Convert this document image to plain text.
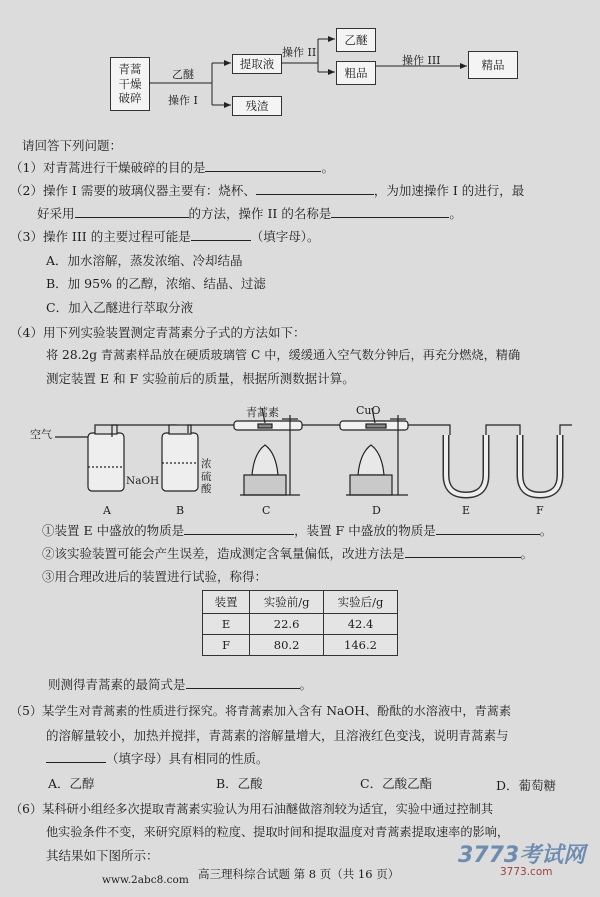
青蒿
干燥
破碎
提取液
残渣
乙醚
粗品
精品
乙醚
操作 I
操作 II
操作 III
请回答下列问题：
（1）对青蒿进行干燥破碎的目的是	。
（2）操作 I 需要的玻璃仪器主要有：烧杯、	，为加速操作 I 的进行，最
好采用	的方法，操作 II 的名称是	。
（3）操作 III 的主要过程可能是	（填字母）。
A．加水溶解，蒸发浓缩、冷却结晶
B．加 95% 的乙醇，浓缩、结晶、过滤
C．加入乙醚进行萃取分液
（4）用下列实验装置测定青蒿素分子式的方法如下：
将 28.2g 青蒿素样品放在硬质玻璃管 C 中，缓缓通入空气数分钟后，再充分燃烧，精确
测定装置 E 和 F 实验前后的质量，根据所测数据计算。
空气
NaOH
浓
硫
酸
青蒿素	CuO
A	B	C	D	E	F
①装置 E 中盛放的物质是	，装置 F 中盛放的物质是	。
②该实验装置可能会产生误差，造成测定含氧量偏低，改进方法是	。
③用合理改进后的装置进行试验，称得：
装置	实验前/g	实验后/g
E	22.6	42.4
F	80.2	146.2
则测得青蒿素的最简式是	。
（5）某学生对青蒿素的性质进行探究。将青蒿素加入含有 NaOH、酚酞的水溶液中，青蒿素
的溶解量较小，加热并搅拌，青蒿素的溶解量增大，且溶液红色变浅，说明青蒿素与
（填字母）具有相同的性质。
A．乙醇	B．乙酸	C．乙酸乙酯	D．葡萄糖
（6）某科研小组经多次提取青蒿素实验认为用石油醚做溶剂较为适宜，实验中通过控制其
他实验条件不变，来研究原料的粒度、提取时间和提取温度对青蒿素提取速率的影响，
其结果如下图所示：
www.2abc8.com 高三理科综合试题 第 8 页（共 16 页）
3773考试网
3773.com
